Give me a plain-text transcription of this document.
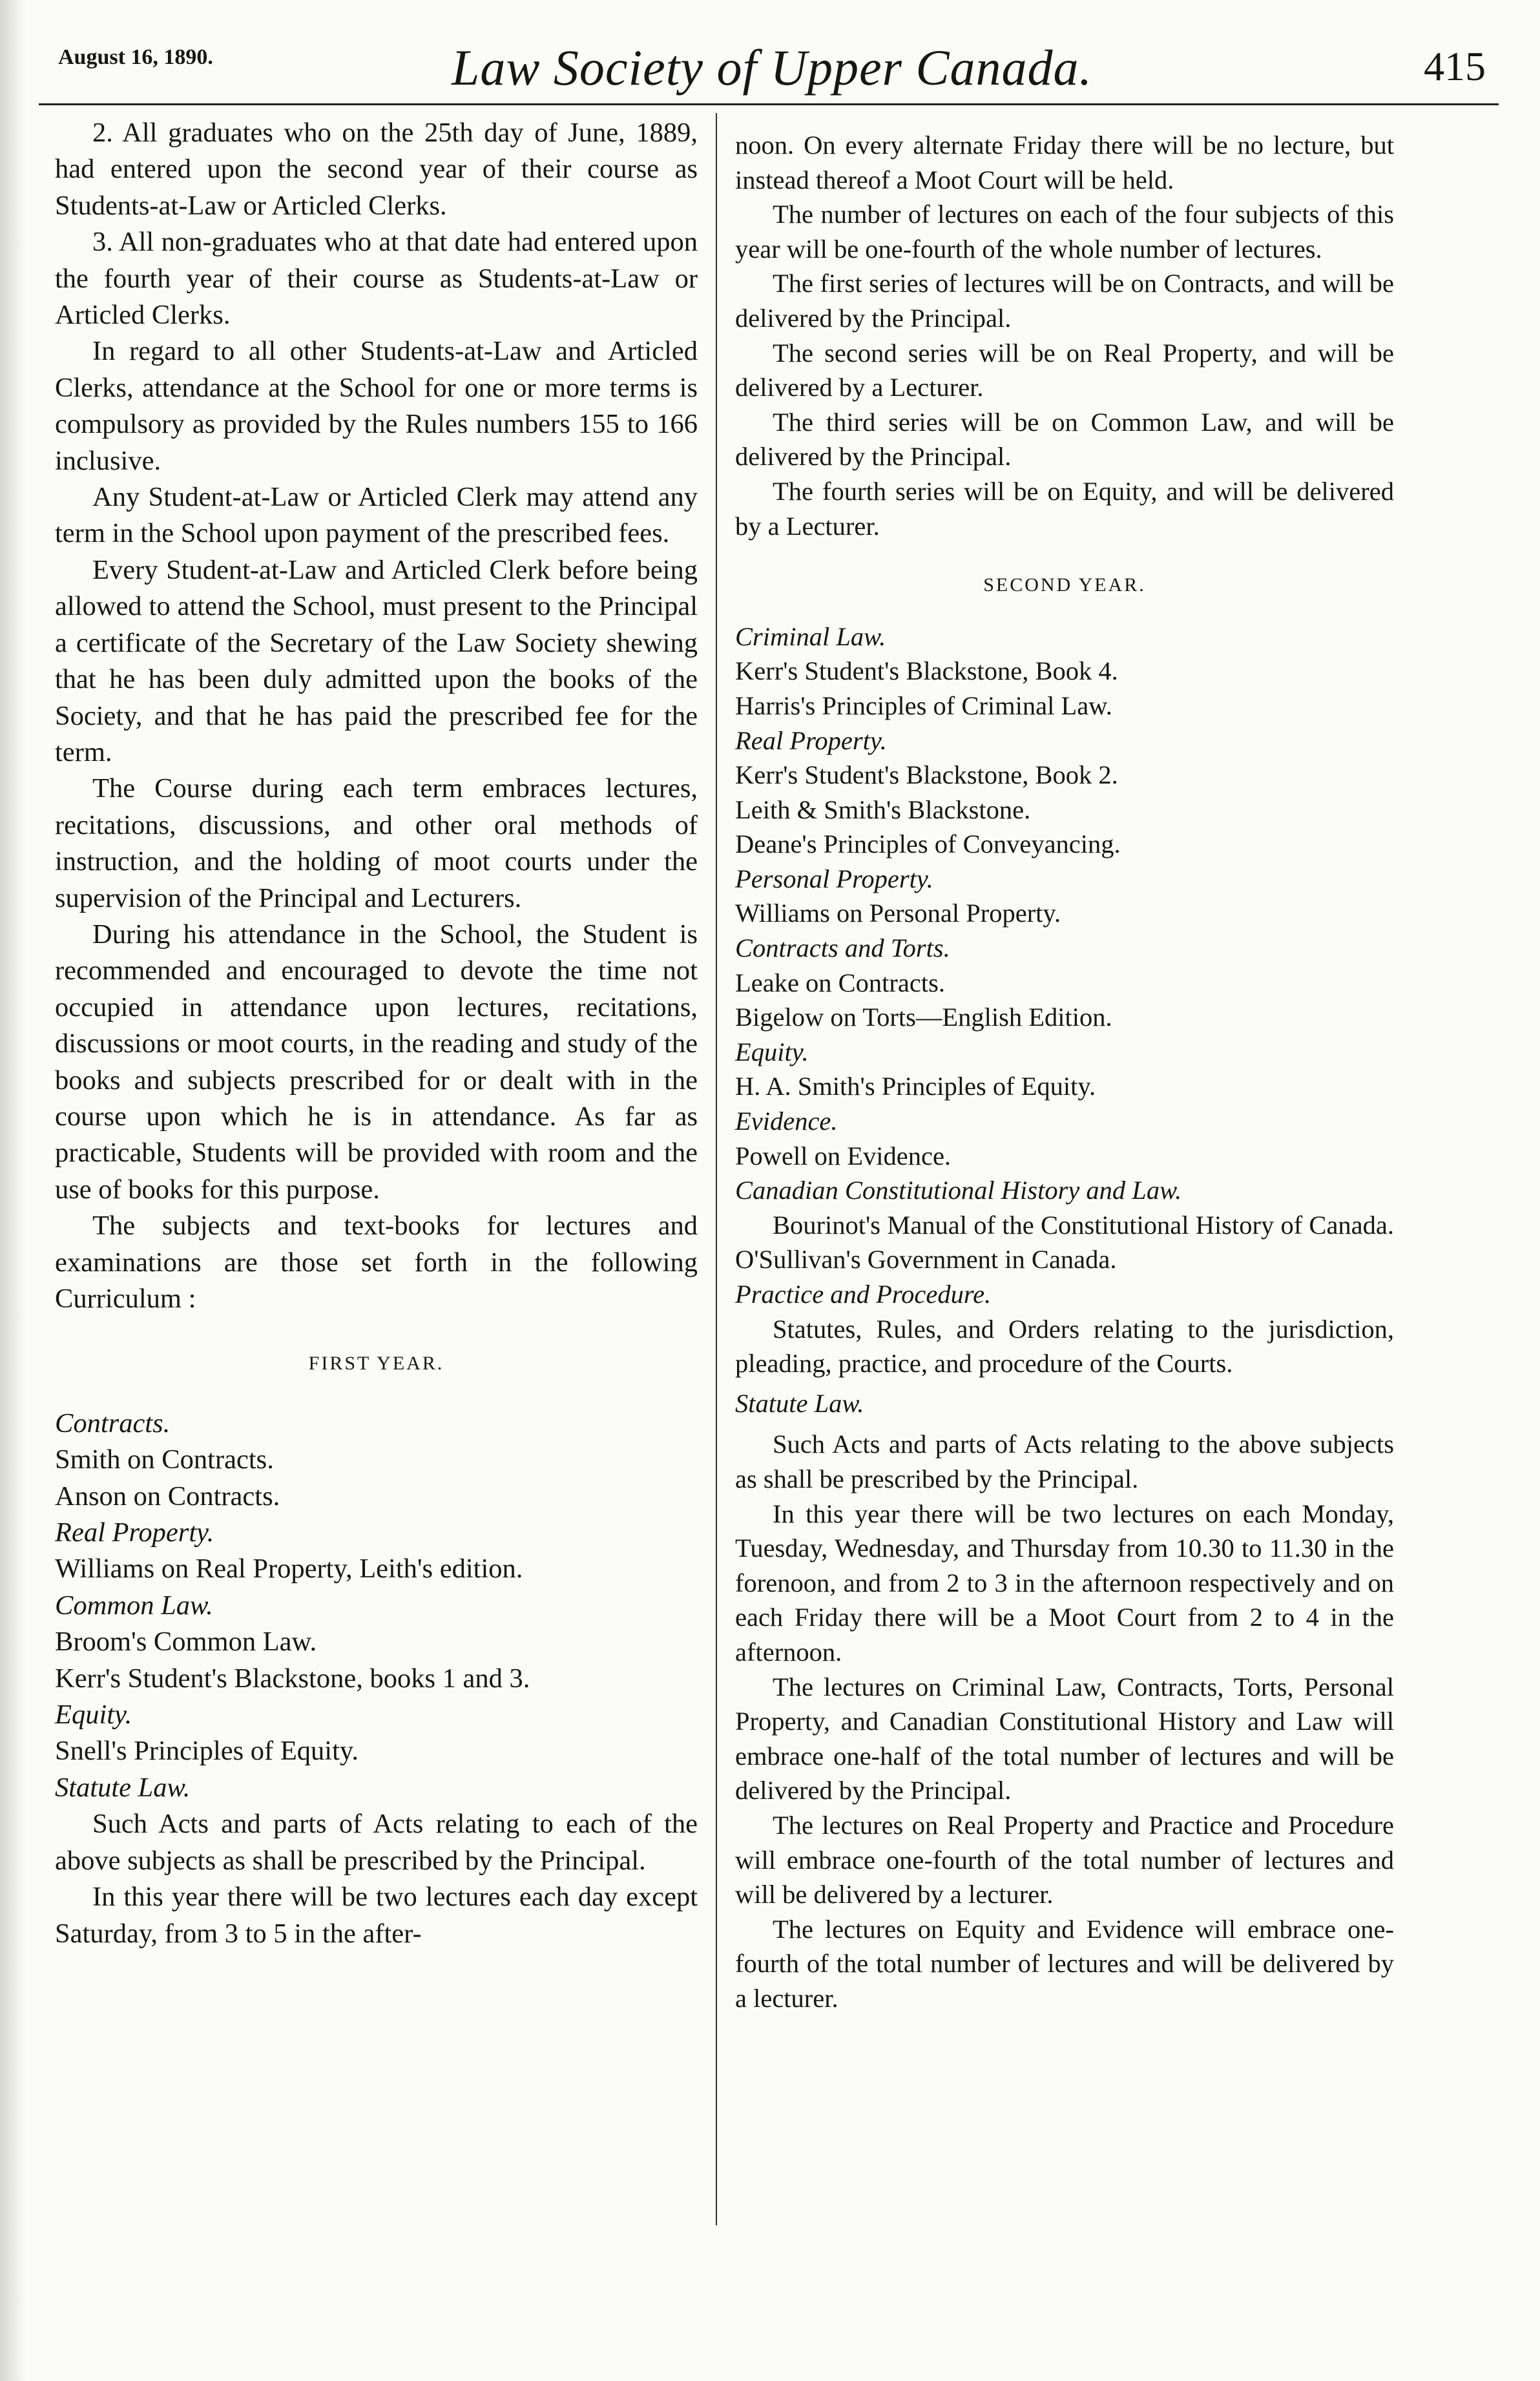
August 16, 1890.	Law Society of Upper Canada.	415

2. All graduates who on the 25th day of June, 1889, had entered upon the second year of their course as Students-at-Law or Articled Clerks.

3. All non-graduates who at that date had entered upon the fourth year of their course as Students-at-Law or Articled Clerks.

In regard to all other Students-at-Law and Articled Clerks, attendance at the School for one or more terms is compulsory as provided by the Rules numbers 155 to 166 inclusive.

Any Student-at-Law or Articled Clerk may attend any term in the School upon payment of the prescribed fees.

Every Student-at-Law and Articled Clerk before being allowed to attend the School, must present to the Principal a certificate of the Secretary of the Law Society shewing that he has been duly admitted upon the books of the Society, and that he has paid the prescribed fee for the term.

The Course during each term embraces lectures, recitations, discussions, and other oral methods of instruction, and the holding of moot courts under the supervision of the Principal and Lecturers.

During his attendance in the School, the Student is recommended and encouraged to devote the time not occupied in attendance upon lectures, recitations, discussions or moot courts, in the reading and study of the books and subjects prescribed for or dealt with in the course upon which he is in attendance. As far as practicable, Students will be provided with room and the use of books for this purpose.

The subjects and text-books for lectures and examinations are those set forth in the following Curriculum :

FIRST YEAR.

Contracts.

Smith on Contracts.

Anson on Contracts.

Real Property.

Williams on Real Property, Leith's edition.

Common Law.

Broom's Common Law.

Kerr's Student's Blackstone, books 1 and 3.

Equity.

Snell's Principles of Equity.

Statute Law.

Such Acts and parts of Acts relating to each of the above subjects as shall be prescribed by the Principal.

In this year there will be two lectures each day except Saturday, from 3 to 5 in the after-

noon. On every alternate Friday there will be no lecture, but instead thereof a Moot Court will be held.

The number of lectures on each of the four subjects of this year will be one-fourth of the whole number of lectures.

The first series of lectures will be on Contracts, and will be delivered by the Principal.

The second series will be on Real Property, and will be delivered by a Lecturer.

The third series will be on Common Law, and will be delivered by the Principal.

The fourth series will be on Equity, and will be delivered by a Lecturer.

SECOND YEAR.

Criminal Law.

Kerr's Student's Blackstone, Book 4.

Harris's Principles of Criminal Law.

Real Property.

Kerr's Student's Blackstone, Book 2.

Leith & Smith's Blackstone.

Deane's Principles of Conveyancing.

Personal Property.

Williams on Personal Property.

Contracts and Torts.

Leake on Contracts.

Bigelow on Torts—English Edition.

Equity.

H. A. Smith's Principles of Equity.

Evidence.

Powell on Evidence.

Canadian Constitutional History and Law.

Bourinot's Manual of the Constitutional History of Canada. O'Sullivan's Government in Canada.

Practice and Procedure.

Statutes, Rules, and Orders relating to the jurisdiction, pleading, practice, and procedure of the Courts.

Statute Law.

Such Acts and parts of Acts relating to the above subjects as shall be prescribed by the Principal.

In this year there will be two lectures on each Monday, Tuesday, Wednesday, and Thursday from 10.30 to 11.30 in the forenoon, and from 2 to 3 in the afternoon respectively and on each Friday there will be a Moot Court from 2 to 4 in the afternoon.

The lectures on Criminal Law, Contracts, Torts, Personal Property, and Canadian Constitutional History and Law will embrace one-half of the total number of lectures and will be delivered by the Principal.

The lectures on Real Property and Practice and Procedure will embrace one-fourth of the total number of lectures and will be delivered by a lecturer.

The lectures on Equity and Evidence will embrace one-fourth of the total number of lectures and will be delivered by a lecturer.
